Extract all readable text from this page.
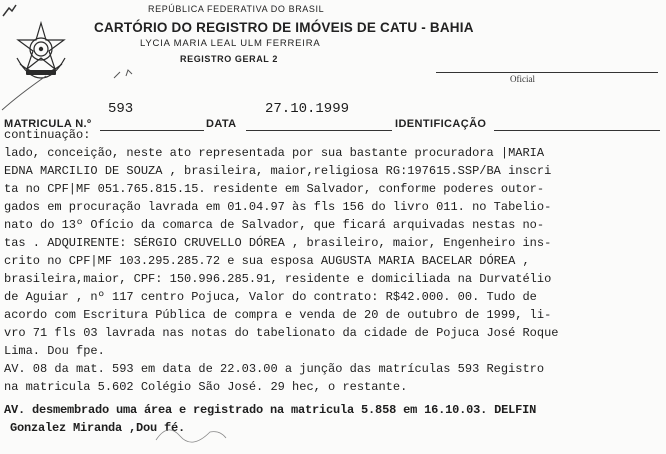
REPÚBLICA FEDERATIVA DO BRASIL
CARTÓRIO DO REGISTRO DE IMÓVEIS DE CATU - BAHIA
LYCIA MARIA LEAL ULM FERREIRA
REGISTRO GERAL 2
Oficial
MATRICULA N.º
593
DATA
27.10.1999
IDENTIFICAÇÃO
continuação:
lado, conceição, neste ato representada por sua bastante procuradora |MARIA
EDNA MARCILIO DE SOUZA , brasileira, maior,religiosa RG:197615.SSP/BA inscri
ta no CPF|MF 051.765.815.15. residente em Salvador, conforme poderes outor-
gados em procuração lavrada em 01.04.97 às fls 156 do livro 011. no Tabelio-
nato do 13º Ofício da comarca de Salvador, que ficará arquivadas nestas no-
tas . ADQUIRENTE: SÉRGIO CRUVELLO DÓREA , brasileiro, maior, Engenheiro ins-
crito no CPF|MF 103.295.285.72 e sua esposa AUGUSTA MARIA BACELAR DÓREA ,
brasileira,maior, CPF: 150.996.285.91, residente e domiciliada na Durvatélio
de Aguiar , nº 117 centro Pojuca, Valor do contrato: R$42.000. 00. Tudo de
acordo com Escritura Pública de compra e venda de 20 de outubro de 1999, li-
vro 71 fls 03 lavrada nas notas do tabelionato da cidade de Pojuca José Roque
Lima. Dou fpe.
AV. 08 da mat. 593 em data de 22.03.00 a junção das matrículas 593 Registro
na matricula 5.602 Colégio São José. 29 hec, o restante.
AV. desmembrado uma área e registrado na matricula 5.858 em 16.10.03. DELFIN
Gonzalez Miranda ,Dou fé.
